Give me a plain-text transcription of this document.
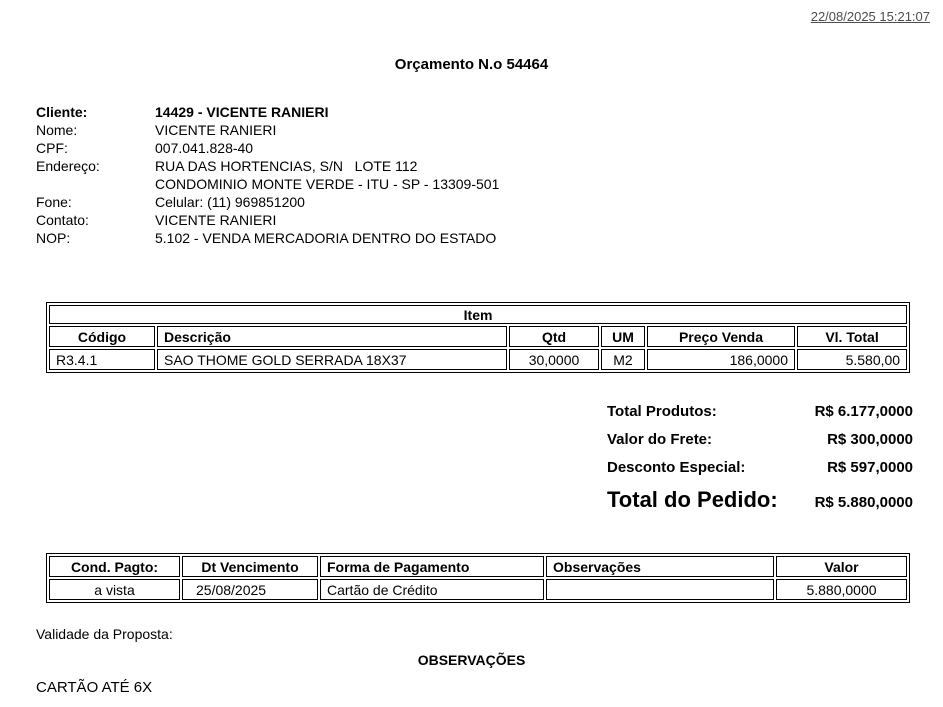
22/08/2025 15:21:07
Orçamento N.o 54464
Cliente:	14429 - VICENTE RANIERI
Nome:	VICENTE RANIERI
CPF:	007.041.828-40
Endereço:	RUA DAS HORTENCIAS, S/N   LOTE 112
CONDOMINIO MONTE VERDE - ITU - SP - 13309-501
Fone:	Celular: (11) 969851200
Contato:	VICENTE RANIERI
NOP:	5.102 - VENDA MERCADORIA DENTRO DO ESTADO
Item					
Código	Descrição	Qtd	UM	Preço Venda	Vl. Total
R3.4.1	SAO THOME GOLD SERRADA 18X37	30,0000	M2	186,0000	5.580,00
Total Produtos:	R$ 6.177,0000
Valor do Frete:	R$ 300,0000
Desconto Especial:	R$ 597,0000
Total do Pedido: R$ 5.880,0000
Cond. Pagto:	Dt Vencimento	Forma de Pagamento	Observações	Valor
a vista	25/08/2025	Cartão de Crédito		5.880,0000
Validade da Proposta:
OBSERVAÇÕES
CARTÃO ATÉ 6X
